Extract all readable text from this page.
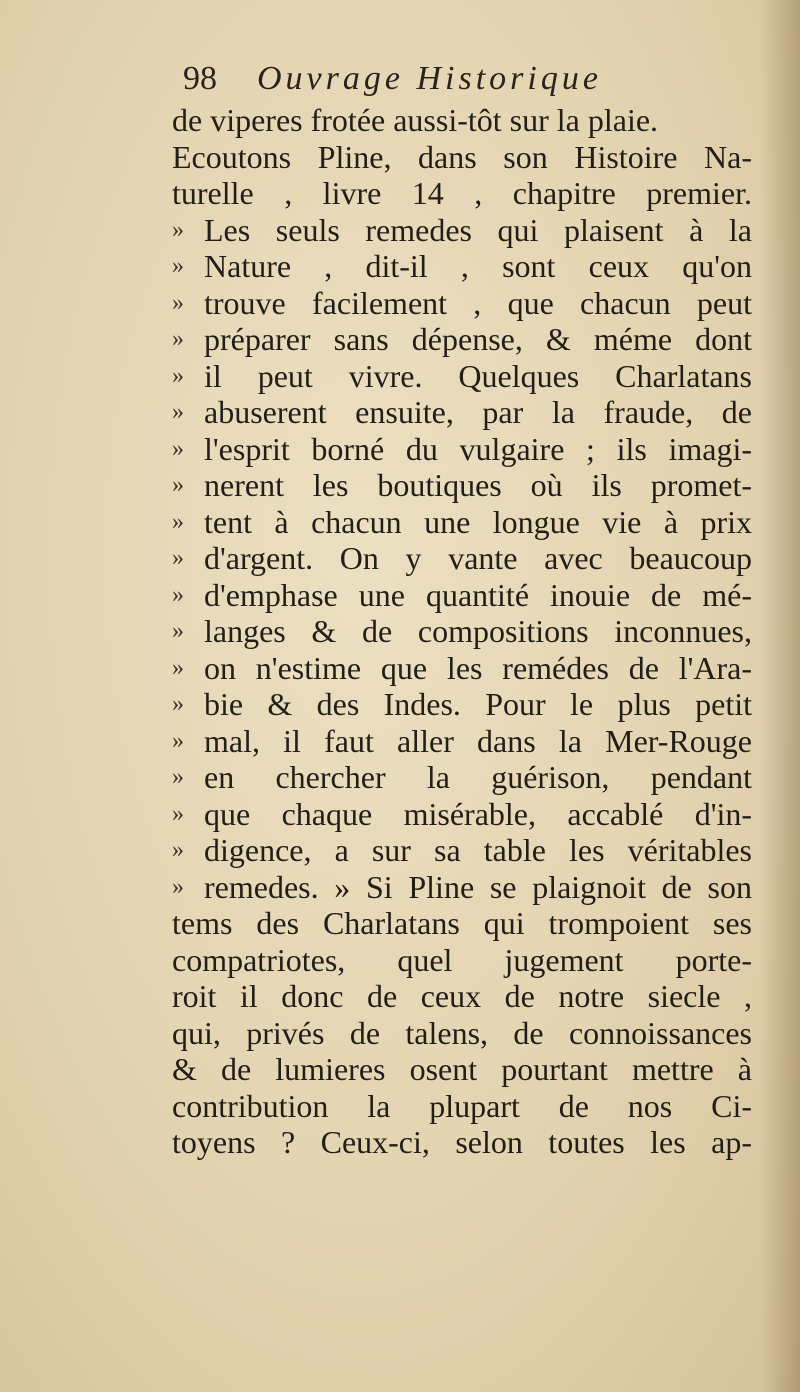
98 Ouvrage Historique
de viperes frotée aussi-tôt sur la plaie.
Ecoutons Pline, dans son Histoire Na-
turelle , livre 14 , chapitre premier.
» Les seuls remedes qui plaisent à la
» Nature , dit-il , sont ceux qu'on
» trouve facilement , que chacun peut
» préparer sans dépense, & méme dont
» il peut vivre. Quelques Charlatans
» abuserent ensuite, par la fraude, de
» l'esprit borné du vulgaire ; ils imagi-
» nerent les boutiques où ils promet-
» tent à chacun une longue vie à prix
» d'argent. On y vante avec beaucoup
» d'emphase une quantité inouie de mé-
» langes & de compositions inconnues,
» on n'estime que les remédes de l'Ara-
» bie & des Indes. Pour le plus petit
» mal, il faut aller dans la Mer-Rouge
» en chercher la guérison, pendant
» que chaque misérable, accablé d'in-
» digence, a sur sa table les véritables
» remedes. » Si Pline se plaignoit de son
tems des Charlatans qui trompoient ses
compatriotes, quel jugement porte-
roit il donc de ceux de notre siecle ,
qui, privés de talens, de connoissances
& de lumieres osent pourtant mettre à
contribution la plupart de nos Ci-
toyens ? Ceux-ci, selon toutes les ap-
